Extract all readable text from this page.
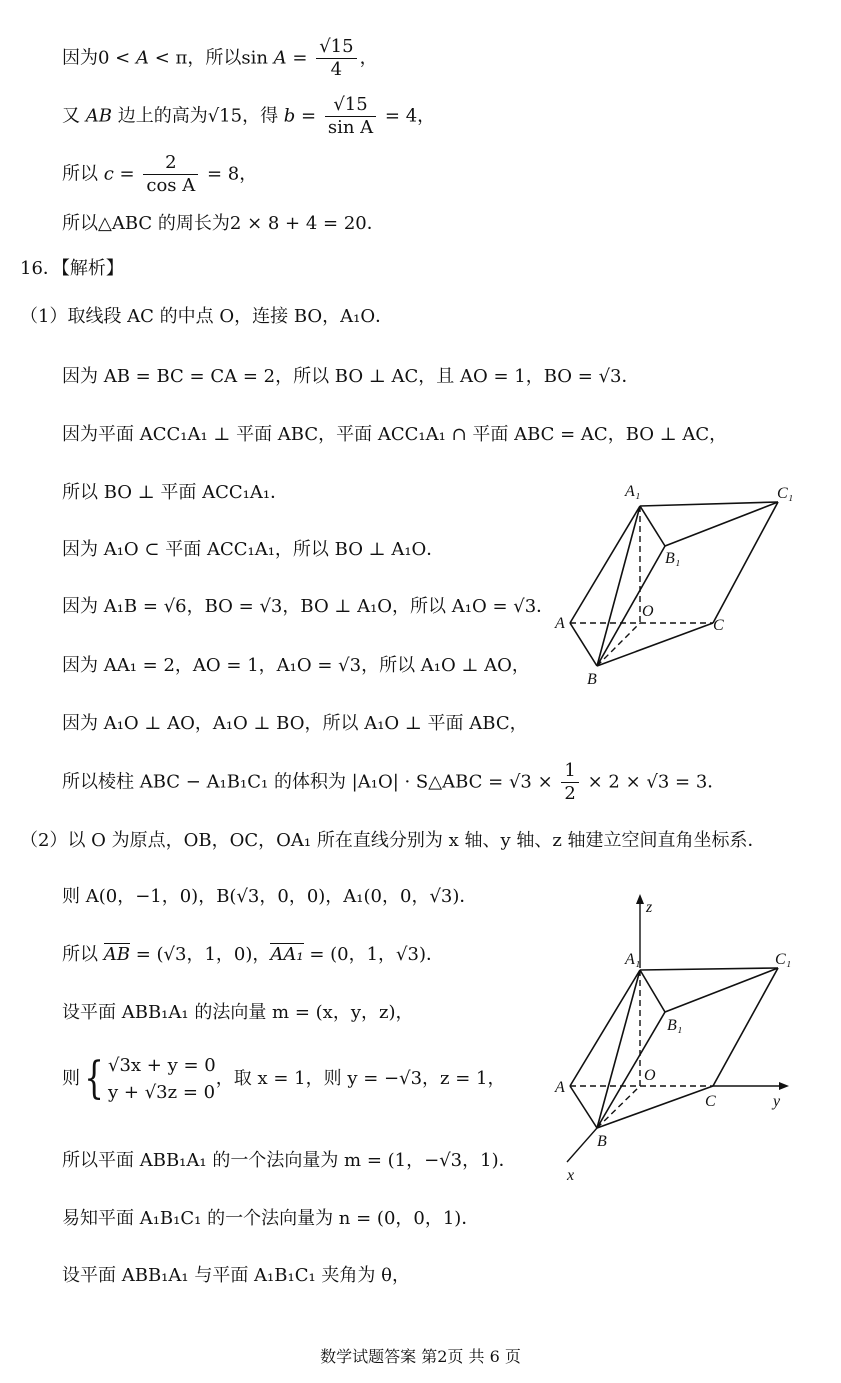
因为0 < A < π，所以$\sin A = \frac{√15}{4}$ ，
又 AB 边上的高为√15，得 $b = \frac{√15}{\text{sin A}} = 4$，
所以 $c = \frac{2}{\text{cos A}} = 8$，
所以△ABC 的周长为2 × 8 + 4 = 20．
16．【解析】
（1）取线段 AC 的中点 O，连接 BO，A₁O．
因为 AB = BC = CA = 2，所以 BO ⊥ AC，且 AO = 1，BO = √3．
因为平面 ACC₁A₁ ⊥ 平面 ABC，平面 ACC₁A₁ ∩ 平面 ABC = AC，BO ⊥ AC，
所以 BO ⊥ 平面 ACC₁A₁．
因为 A₁O ⊂ 平面 ACC₁A₁，所以 BO ⊥ A₁O．
因为 A₁B = √6，BO = √3，BO ⊥ A₁O，所以 A₁O = √3．
因为 AA₁ = 2，AO = 1，A₁O = √3，所以 A₁O ⊥ AO，
因为 A₁O ⊥ AO，A₁O ⊥ BO，所以 A₁O ⊥ 平面 ABC，
所以棱柱 ABC − A₁B₁C₁ 的体积为 |A₁O| · S△ABC = $√3 \times \frac{1}{2} \times 2 \times √3 = 3$．
（2）以 O 为原点，OB，OC，OA₁ 所在直线分别为 x 轴、y 轴、z 轴建立空间直角坐标系．
则 A(0，−1，0)，B(√3，0，0)，A₁(0，0，√3)．
所以 AB = (√3，1，0)，AA₁ = (0，1，√3)．
设平面 ABB₁A₁ 的法向量 m = (x，y，z)，
则{ √3x + y = 0
y + √3z = 0
，取 x = 1，则 y = −√3，z = 1，
所以平面 ABB₁A₁ 的一个法向量为 m = (1，−√3，1)．
易知平面 A₁B₁C₁ 的一个法向量为 n = (0，0，1)．
设平面 ABB₁A₁ 与平面 A₁B₁C₁ 夹角为 θ，
A₁	C₁
B₁
O
A	C
B
z
A₁	C₁
B₁
O
A
C	y
B
x
数学试题答案 第2页 共 6 页
